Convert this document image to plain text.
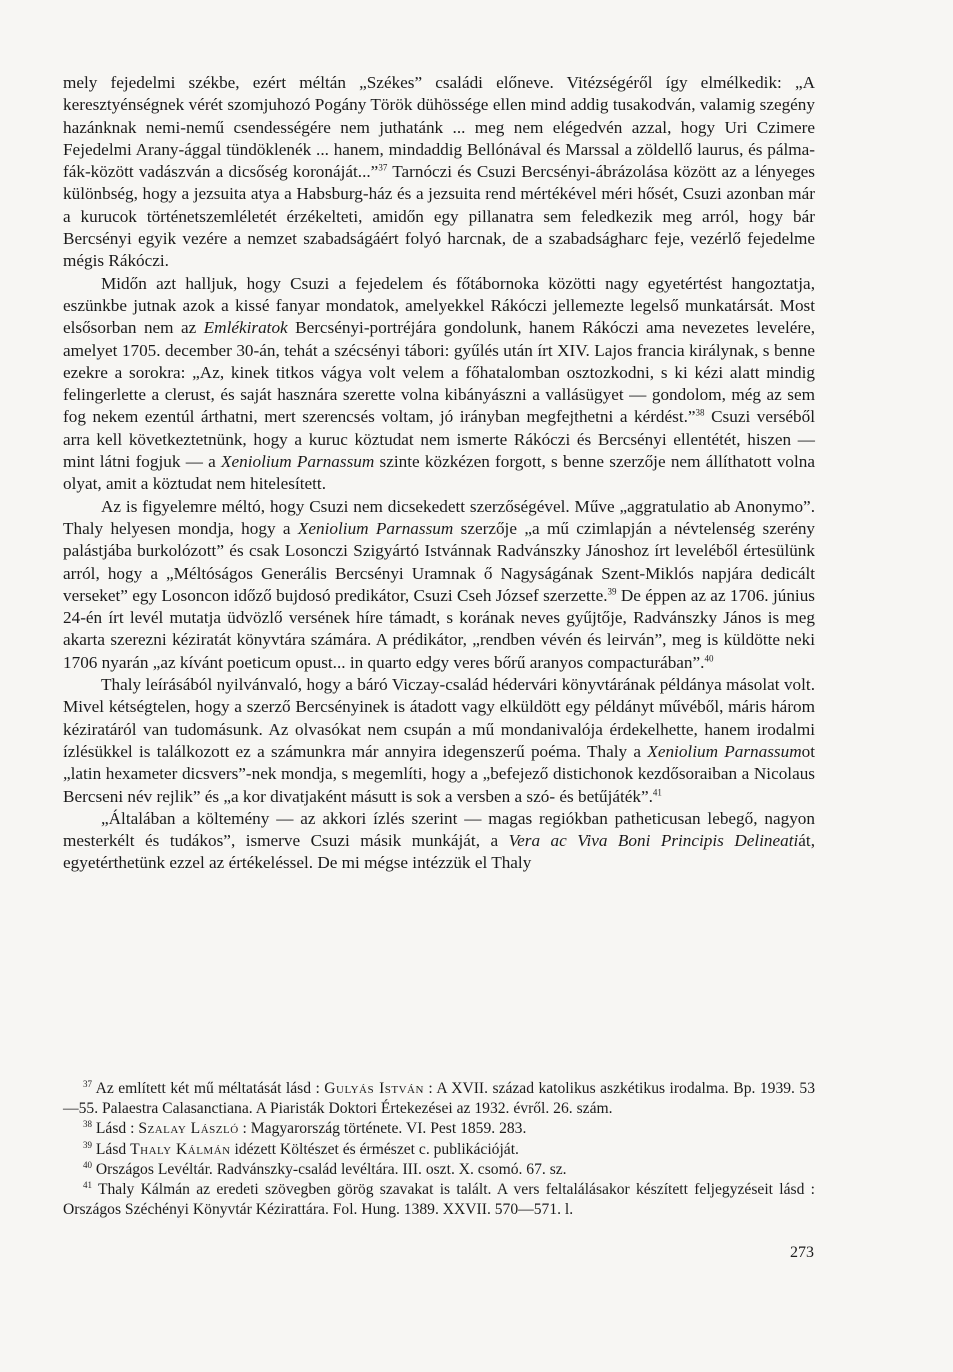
mely fejedelmi székbe, ezért méltán „Székes” családi előneve. Vitézségéről így elmélkedik: „A keresztyénségnek vérét szomjuhozó Pogány Török dühössége ellen mind addig tusakodván, valamig szegény hazánknak nemi-nemű csendességére nem juthatánk ... meg nem elégedvén azzal, hogy Uri Czimere Fejedelmi Arany-ággal tündöklenék ... hanem, mindaddig Bellónával és Marssal a zöldellő laurus, és pálma-fák-között vadászván a dicsőség koronáját...”$^{37}$ Tarnóczi és Csuzi Bercsényi-ábrázolása között az a lényeges különbség, hogy a jezsuita atya a Habsburg-ház és a jezsuita rend mértékével méri hősét, Csuzi azonban már a kurucok történetszemléletét érzékelteti, amidőn egy pillanatra sem feledkezik meg arról, hogy bár Bercsényi egyik vezére a nemzet szabadságáért folyó harcnak, de a szabadságharc feje, vezérlő fejedelme mégis Rákóczi.

Midőn azt halljuk, hogy Csuzi a fejedelem és főtábornoka közötti nagy egyetértést hangoztatja, eszünkbe jutnak azok a kissé fanyar mondatok, amelyekkel Rákóczi jellemezte legelső munkatársát. Most elsősorban nem az Emlékiratok Bercsényi-portréjára gondolunk, hanem Rákóczi ama nevezetes levelére, amelyet 1705. december 30-án, tehát a szécsényi tábori: gyűlés után írt XIV. Lajos francia királynak, s benne ezekre a sorokra: „Az, kinek titkos vágya volt velem a főhatalomban osztozkodni, s ki kézi alatt mindig felingerlette a clerust, és saját hasznára szerette volna kibányászni a vallásügyet — gondolom, még az sem fog nekem ezentúl árthatni, mert szerencsés voltam, jó irányban megfejthetni a kérdést.”$^{38}$ Csuzi verséből arra kell következtetnünk, hogy a kuruc köztudat nem ismerte Rákóczi és Bercsényi ellentétét, hiszen — mint látni fogjuk — a Xeniolium Parnassum szinte közkézen forgott, s benne szerzője nem állíthatott volna olyat, amit a köztudat nem hitelesített.

Az is figyelemre méltó, hogy Csuzi nem dicsekedett szerzőségével. Műve „aggratulatio ab Anonymo”. Thaly helyesen mondja, hogy a Xeniolium Parnassum szerzője „a mű czimlapján a névtelenség szerény palástjába burkolózott” és csak Losonczi Szigyártó Istvánnak Radvánszky Jánoshoz írt leveléből értesülünk arról, hogy a „Méltóságos Generális Bercsényi Uramnak ő Nagyságának Szent-Miklós napjára dedicált verseket” egy Losoncon időző bujdosó predikátor, Csuzi Cseh József szerzette.$^{39}$ De éppen az az 1706. június 24-én írt levél mutatja üdvözlő versének híre támadt, s korának neves gyűjtője, Radvánszky János is meg akarta szerezni kéziratát könyvtára számára. A prédikátor, „rendben vévén és leirván”, meg is küldötte neki 1706 nyarán „az kívánt poeticum opust... in quarto edgy veres bőrű aranyos compacturában”.$^{40}$

Thaly leírásából nyilvánvaló, hogy a báró Viczay-család hédervári könyvtárának példánya másolat volt. Mivel kétségtelen, hogy a szerző Bercsényinek is átadott vagy elküldött egy példányt művéből, máris három kéziratáról van tudomásunk. Az olvasókat nem csupán a mű mondanivalója érdekelhette, hanem irodalmi ízlésükkel is találkozott ez a számunkra már annyira idegenszerű poéma. Thaly a Xeniolium Parnassumot „latin hexameter dicsvers”-nek mondja, s megemlíti, hogy a „befejező distichonok kezdősoraiban a Nicolaus Bercseni név rejlik” és „a kor divatjaként másutt is sok a versben a szó- és betűjáték”.$^{41}$

„Általában a költemény — az akkori ízlés szerint — magas regiókban patheticusan lebegő, nagyon mesterkélt és tudákos”, ismerve Csuzi másik munkáját, a Vera ac Viva Boni Principis Delineatiát, egyetérthetünk ezzel az értékeléssel. De mi mégse intézzük el Thaly

$^{37}$ Az említett két mű méltatását lásd : Gulyás István : A XVII. század katolikus aszkétikus irodalma. Bp. 1939. 53—55. Palaestra Calasanctiana. A Piaristák Doktori Értekezései az 1932. évről. 26. szám.

$^{38}$ Lásd : Szalay László : Magyarország története. VI. Pest 1859. 283.

$^{39}$ Lásd Thaly Kálmán idézett Költészet és érmészet c. publikációját.

$^{40}$ Országos Levéltár. Radvánszky-család levéltára. III. oszt. X. csomó. 67. sz.

$^{41}$ Thaly Kálmán az eredeti szövegben görög szavakat is talált. A vers feltalálásakor készített feljegyzéseit lásd : Országos Széchényi Könyvtár Kézirattára. Fol. Hung. 1389. XXVII. 570—571. l.

273
